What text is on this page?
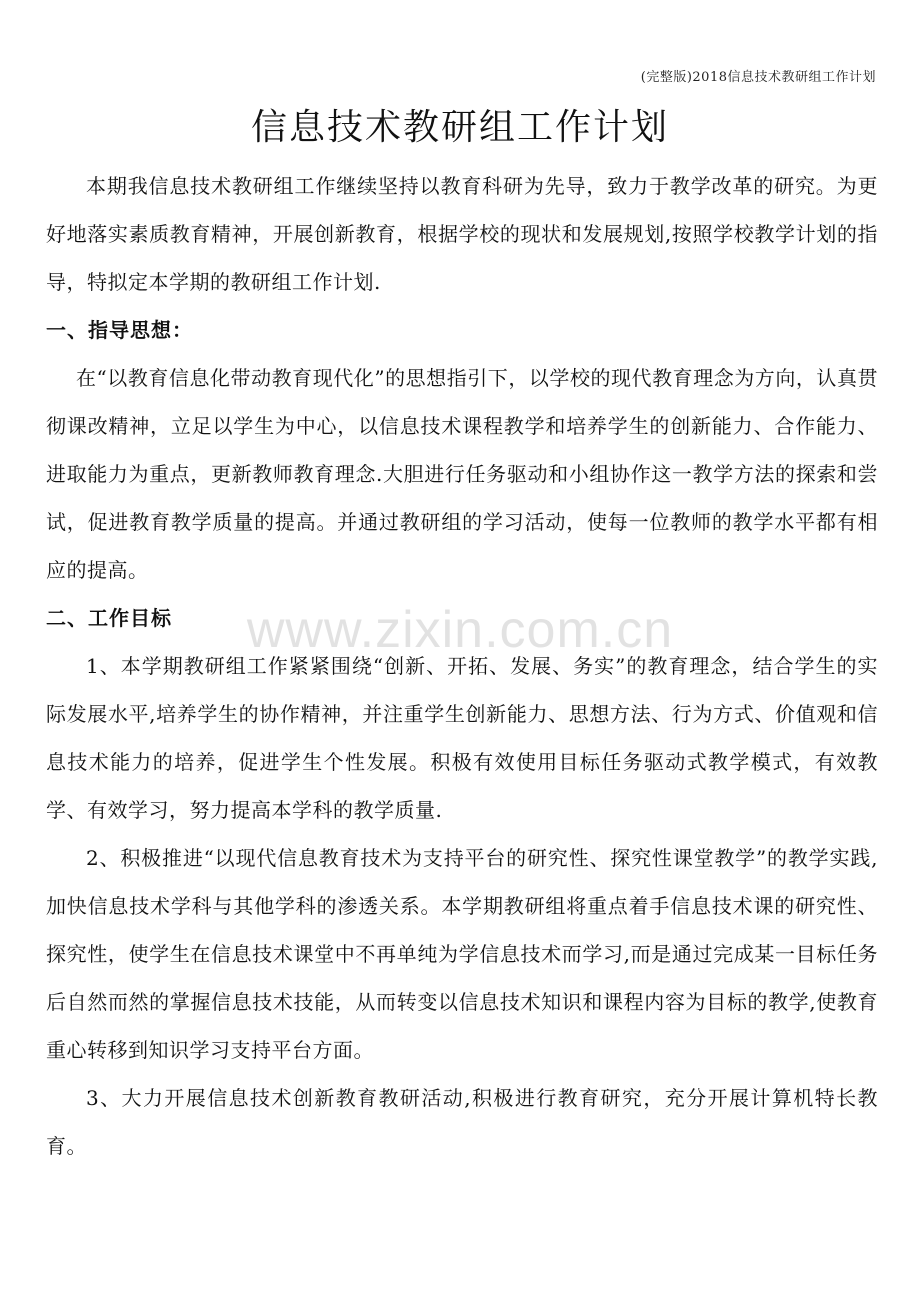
(完整版)2018信息技术教研组工作计划
信息技术教研组工作计划

本期我信息技术教研组工作继续坚持以教育科研为先导，致力于教学改革的研究。为更好地落实素质教育精神，开展创新教育，根据学校的现状和发展规划,按照学校教学计划的指导，特拟定本学期的教研组工作计划.

一、指导思想：

在“以教育信息化带动教育现代化”的思想指引下，以学校的现代教育理念为方向，认真贯彻课改精神，立足以学生为中心，以信息技术课程教学和培养学生的创新能力、合作能力、进取能力为重点，更新教师教育理念.大胆进行任务驱动和小组协作这一教学方法的探索和尝试，促进教育教学质量的提高。并通过教研组的学习活动，使每一位教师的教学水平都有相应的提高。

二、工作目标

1、本学期教研组工作紧紧围绕“创新、开拓、发展、务实”的教育理念，结合学生的实际发展水平,培养学生的协作精神，并注重学生创新能力、思想方法、行为方式、价值观和信息技术能力的培养，促进学生个性发展。积极有效使用目标任务驱动式教学模式，有效教学、有效学习，努力提高本学科的教学质量.

2、积极推进“以现代信息教育技术为支持平台的研究性、探究性课堂教学”的教学实践,加快信息技术学科与其他学科的渗透关系。本学期教研组将重点着手信息技术课的研究性、探究性，使学生在信息技术课堂中不再单纯为学信息技术而学习,而是通过完成某一目标任务后自然而然的掌握信息技术技能，从而转变以信息技术知识和课程内容为目标的教学,使教育重心转移到知识学习支持平台方面。

3、大力开展信息技术创新教育教研活动,积极进行教育研究，充分开展计算机特长教育。

www.zixin.com.cn
